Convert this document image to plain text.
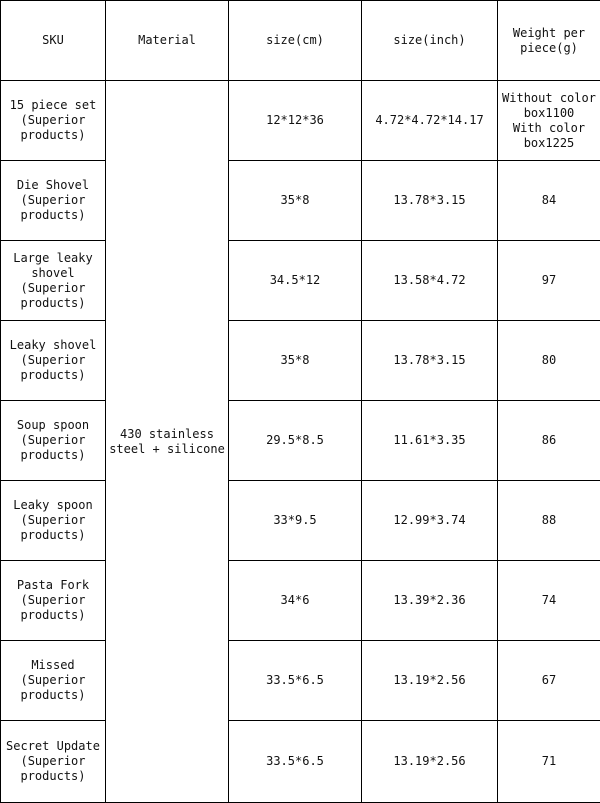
SKU	Material	size(cm)	size(inch)	Weight per
piece(g)
15 piece set
(Superior
products)	430 stainless
steel + silicone	12*12*36	4.72*4.72*14.17	Without color
box1100
With color
box1225
Die Shovel
(Superior
products)		35*8	13.78*3.15	84
Large leaky
shovel
(Superior
products)		34.5*12	13.58*4.72	97
Leaky shovel
(Superior
products)		35*8	13.78*3.15	80
Soup spoon
(Superior
products)		29.5*8.5	11.61*3.35	86
Leaky spoon
(Superior
products)		33*9.5	12.99*3.74	88
Pasta Fork
(Superior
products)		34*6	13.39*2.36	74
Missed
(Superior
products)		33.5*6.5	13.19*2.56	67
Secret Update
(Superior
products)		33.5*6.5	13.19*2.56	71
